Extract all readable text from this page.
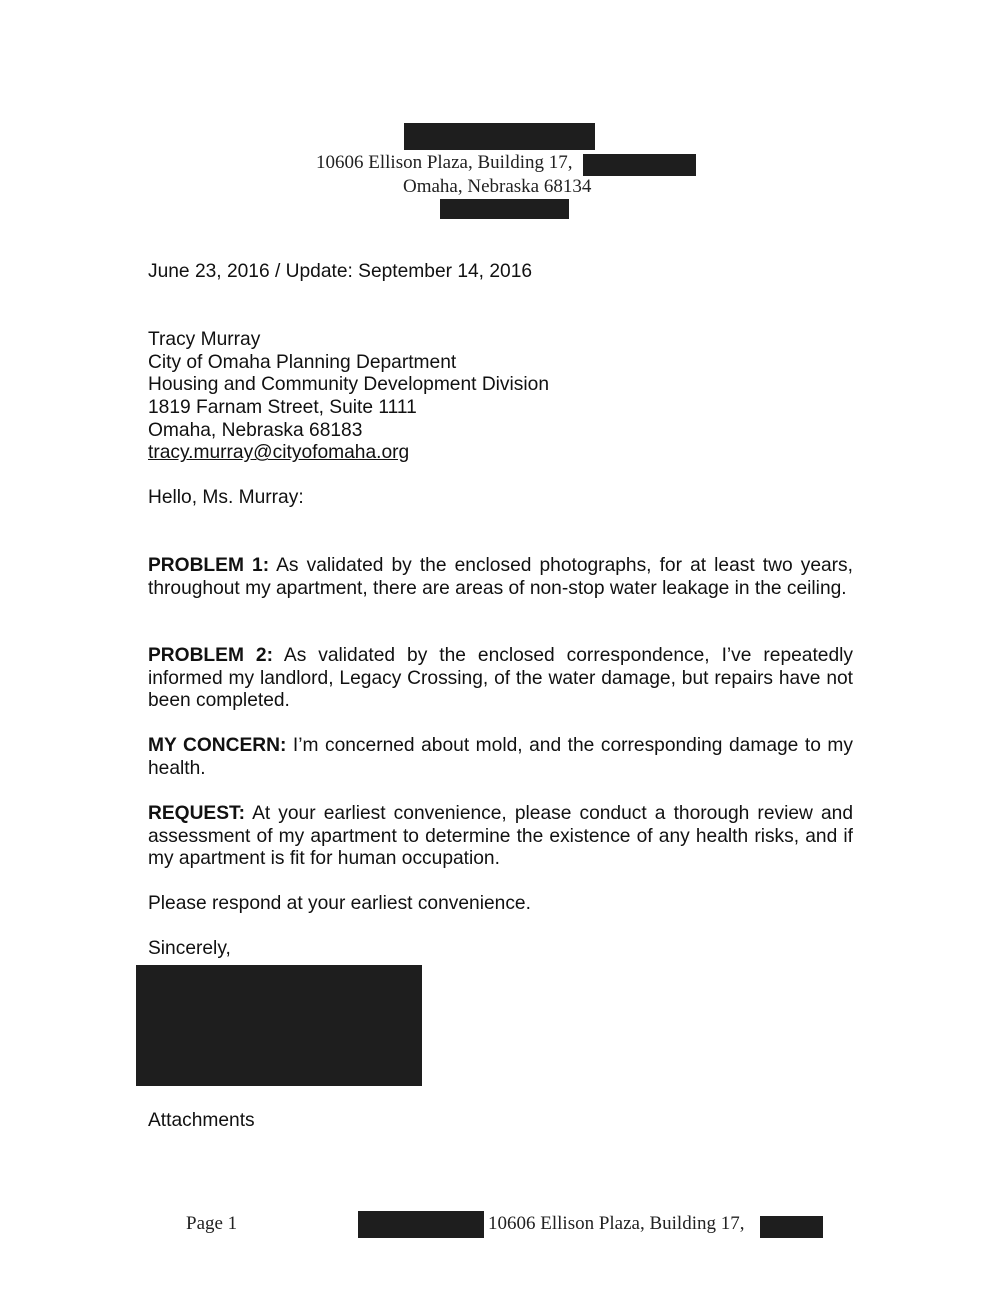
10606 Ellison Plaza, Building 17,
Omaha, Nebraska 68134
June 23, 2016 / Update: September 14, 2016
Tracy Murray
City of Omaha Planning Department
Housing and Community Development Division
1819 Farnam Street, Suite 1111
Omaha, Nebraska 68183
tracy.murray@cityofomaha.org
Hello, Ms. Murray:
PROBLEM 1: As validated by the enclosed photographs, for at least two years, throughout my apartment, there are areas of non-stop water leakage in the ceiling.
PROBLEM 2: As validated by the enclosed correspondence, I’ve repeatedly informed my landlord, Legacy Crossing, of the water damage, but repairs have not been completed.
MY CONCERN: I’m concerned about mold, and the corresponding damage to my health.
REQUEST: At your earliest convenience, please conduct a thorough review and assessment of my apartment to determine the existence of any health risks, and if my apartment is fit for human occupation.
Please respond at your earliest convenience.
Sincerely,
Attachments
Page 1	10606 Ellison Plaza, Building 17,
